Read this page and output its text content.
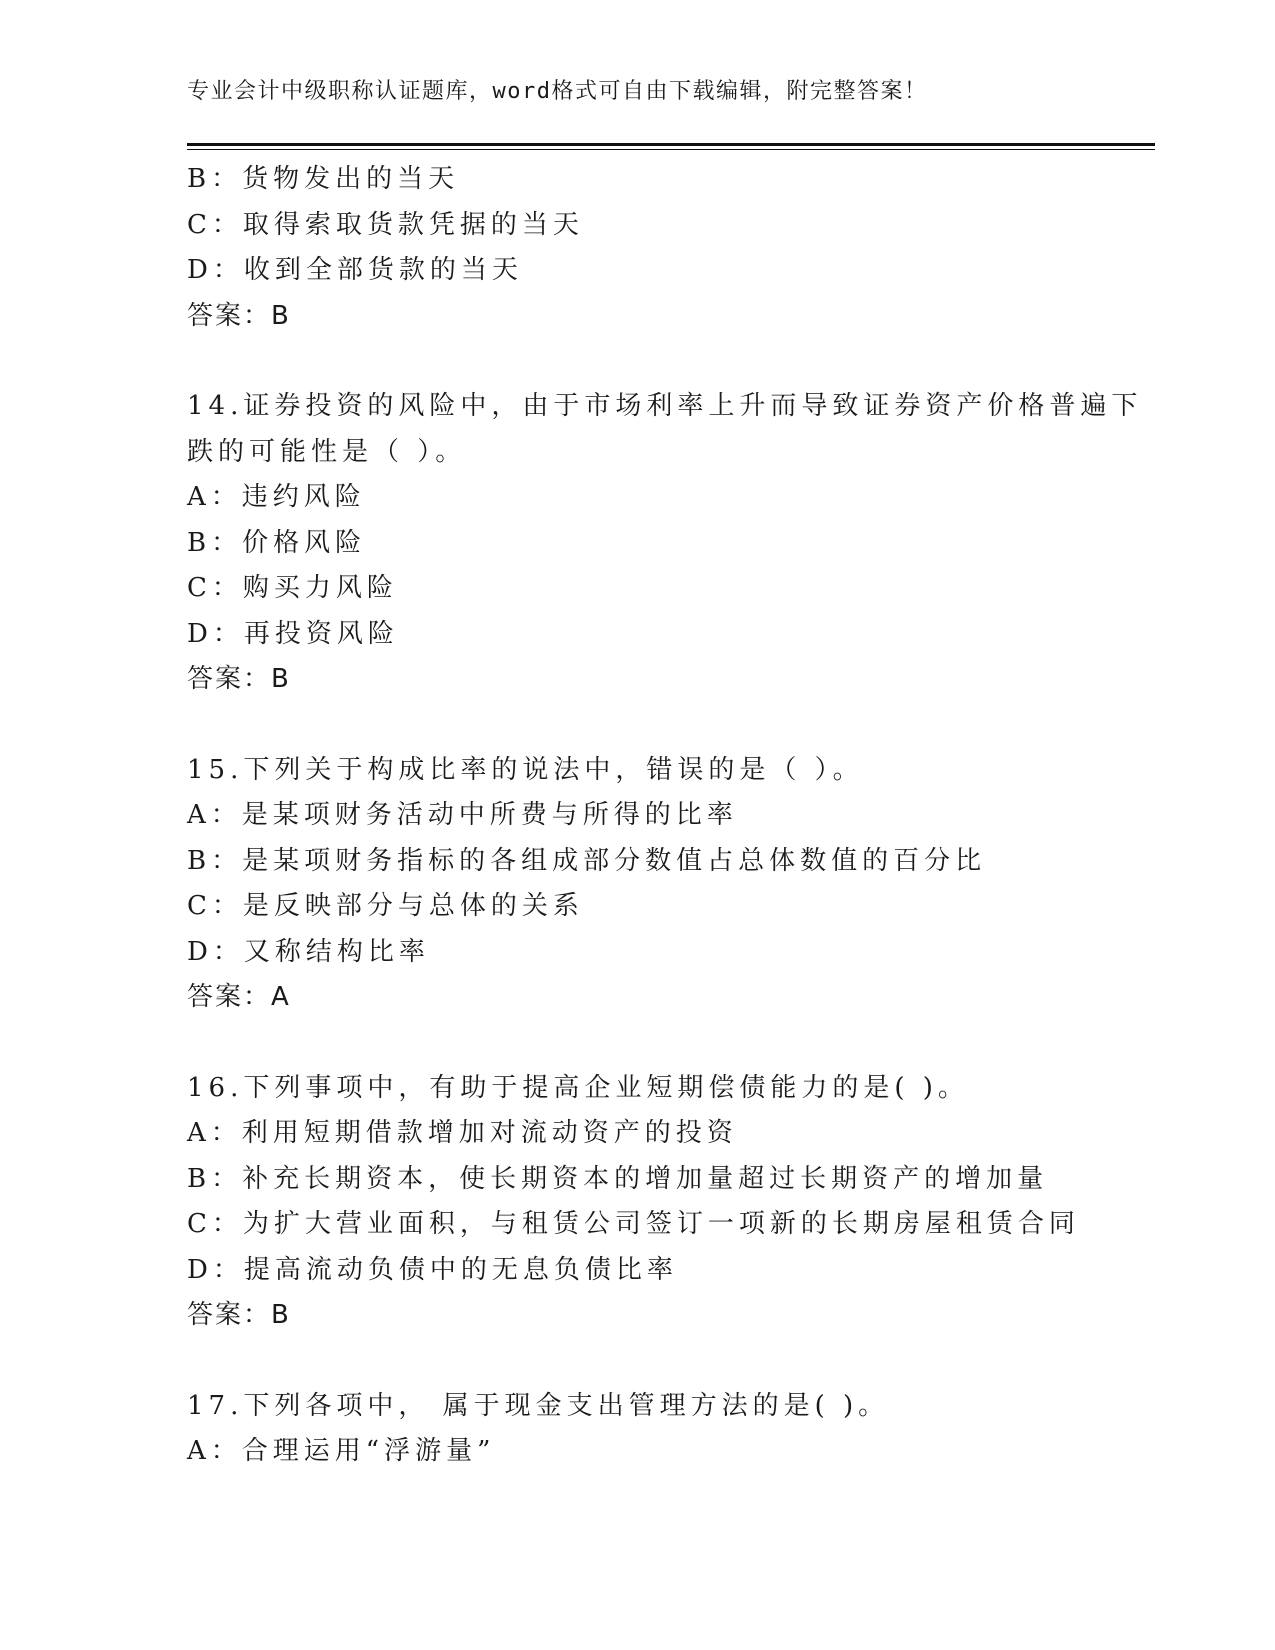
专业会计中级职称认证题库，word格式可自由下载编辑，附完整答案！
B：货物发出的当天
C：取得索取货款凭据的当天
D：收到全部货款的当天
答案：B
14.证券投资的风险中，由于市场利率上升而导致证券资产价格普遍下
跌的可能性是（ ）。
A：违约风险
B：价格风险
C：购买力风险
D：再投资风险
答案：B
15.下列关于构成比率的说法中，错误的是（ ）。
A：是某项财务活动中所费与所得的比率
B：是某项财务指标的各组成部分数值占总体数值的百分比
C：是反映部分与总体的关系
D：又称结构比率
答案：A
16.下列事项中，有助于提高企业短期偿债能力的是( )。
A：利用短期借款增加对流动资产的投资
B：补充长期资本，使长期资本的增加量超过长期资产的增加量
C：为扩大营业面积，与租赁公司签订一项新的长期房屋租赁合同
D：提高流动负债中的无息负债比率
答案：B
17.下列各项中， 属于现金支出管理方法的是( )。
A：合理运用“浮游量”
